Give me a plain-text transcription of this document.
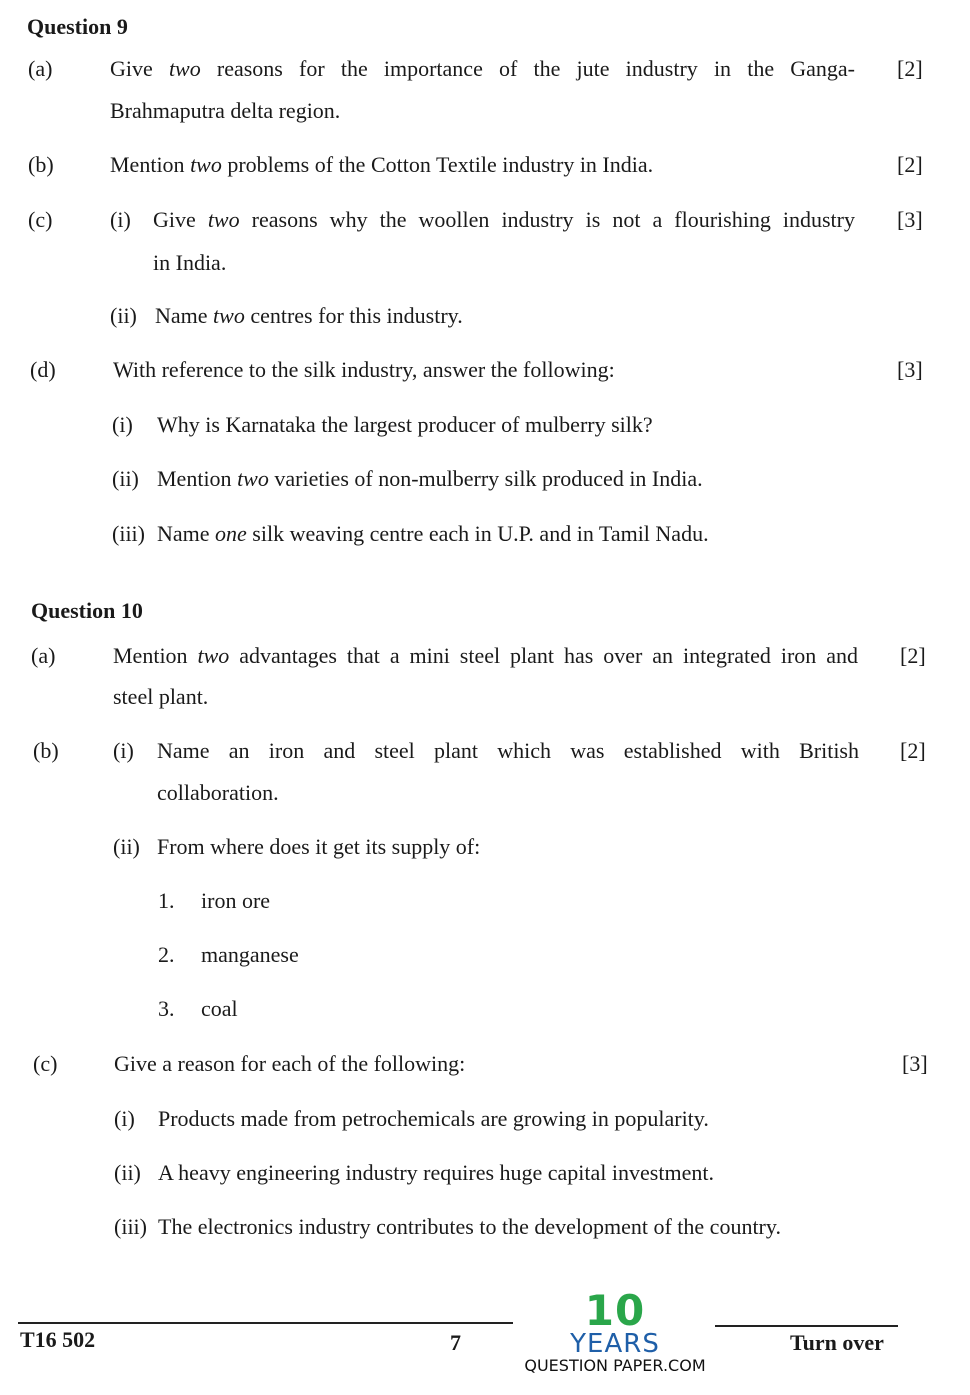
Question 9
(a)	Give two reasons for the importance of the jute industry in the Ganga-
Brahmaputra delta region.
[2]
(b)	Mention two problems of the Cotton Textile industry in India.	[2]
(c)	(i) Give two reasons why the woollen industry is not a flourishing industry
in India.
[3]
(ii) Name two centres for this industry.
(d)	With reference to the silk industry, answer the following:	[3]
(i) Why is Karnataka the largest producer of mulberry silk?
(ii) Mention two varieties of non-mulberry silk produced in India.
(iii) Name one silk weaving centre each in U.P. and in Tamil Nadu.
Question 10
(a)	Mention two advantages that a mini steel plant has over an integrated iron and
steel plant.
[2]
(b) (i) Name an iron and steel plant which was established with British
collaboration.
[2]
(ii) From where does it get its supply of:
1. iron ore
2. manganese
3. coal
(c)	Give a reason for each of the following:	[3]
(i) Products made from petrochemicals are growing in popularity.
(ii) A heavy engineering industry requires huge capital investment.
(iii) The electronics industry contributes to the development of the country.
T16 502	7	Turn over
10
YEARS
QUESTION PAPER.COM
